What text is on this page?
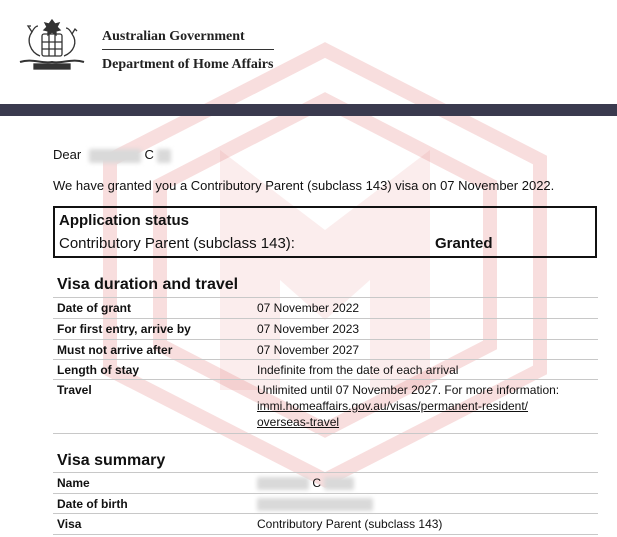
Australian Government
Department of Home Affairs
Dear	C
We have granted you a Contributory Parent (subclass 143) visa on 07 November 2022.
Application status
Contributory Parent (subclass 143):	Granted
Visa duration and travel
Date of grant	07 November 2022
For first entry, arrive by	07 November 2023
Must not arrive after	07 November 2027
Length of stay	Indefinite from the date of each arrival
Travel	Unlimited until 07 November 2027. For more information:
immi.homeaffairs.gov.au/visas/permanent-resident/
overseas-travel
Visa summary
Name	C
Date of birth
Visa	Contributory Parent (subclass 143)
